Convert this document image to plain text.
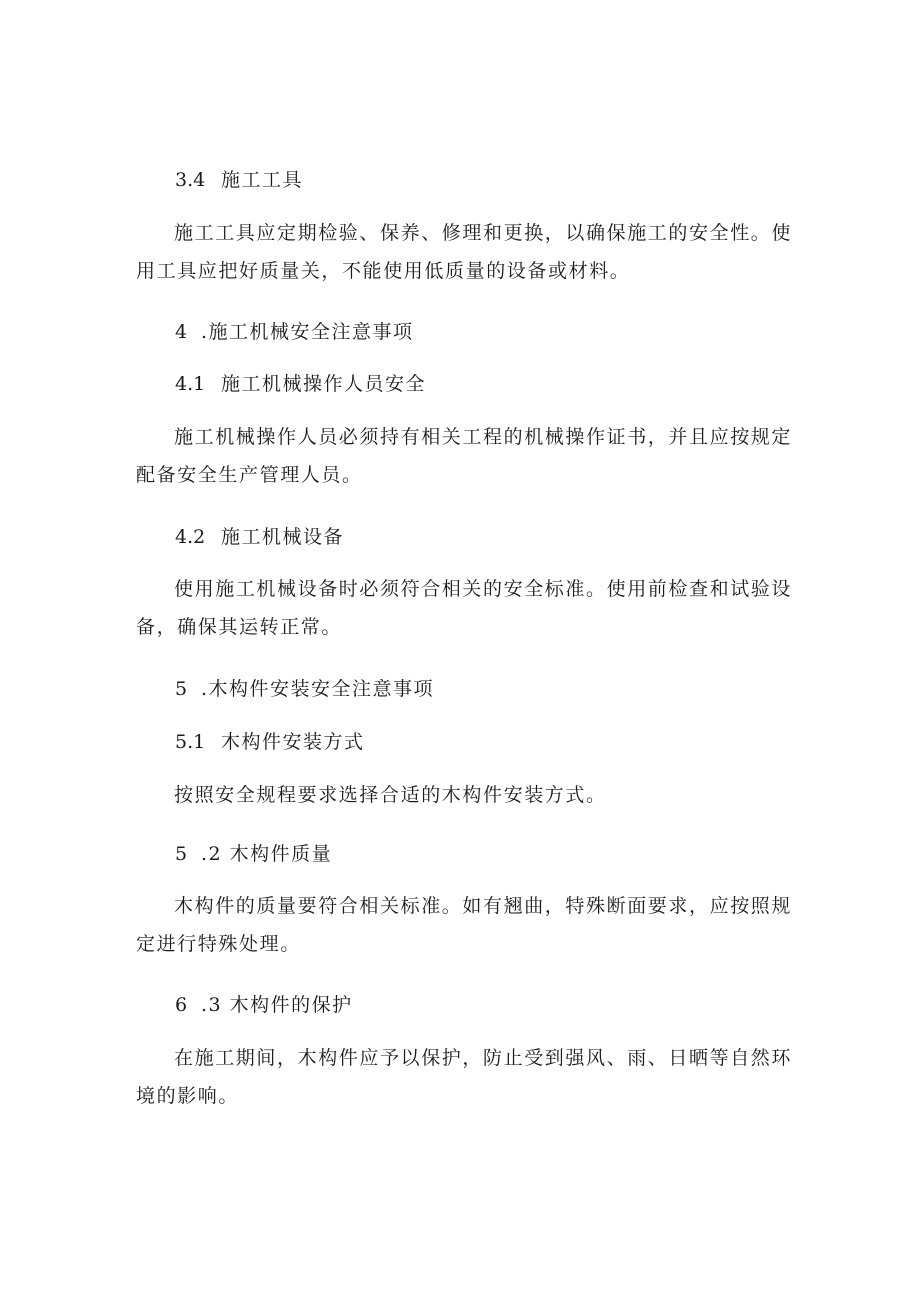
3.4 施工工具

施工工具应定期检验、保养、修理和更换，以确保施工的安全性。使用工具应把好质量关，不能使用低质量的设备或材料。

4 .施工机械安全注意事项
4.1 施工机械操作人员安全

施工机械操作人员必须持有相关工程的机械操作证书，并且应按规定配备安全生产管理人员。

4.2 施工机械设备

使用施工机械设备时必须符合相关的安全标准。使用前检查和试验设备，确保其运转正常。

5 .木构件安装安全注意事项
5.1 木构件安装方式

按照安全规程要求选择合适的木构件安装方式。

5 .2 木构件质量

木构件的质量要符合相关标准。如有翘曲，特殊断面要求，应按照规定进行特殊处理。

6 .3 木构件的保护

在施工期间，木构件应予以保护，防止受到强风、雨、日晒等自然环境的影响。
